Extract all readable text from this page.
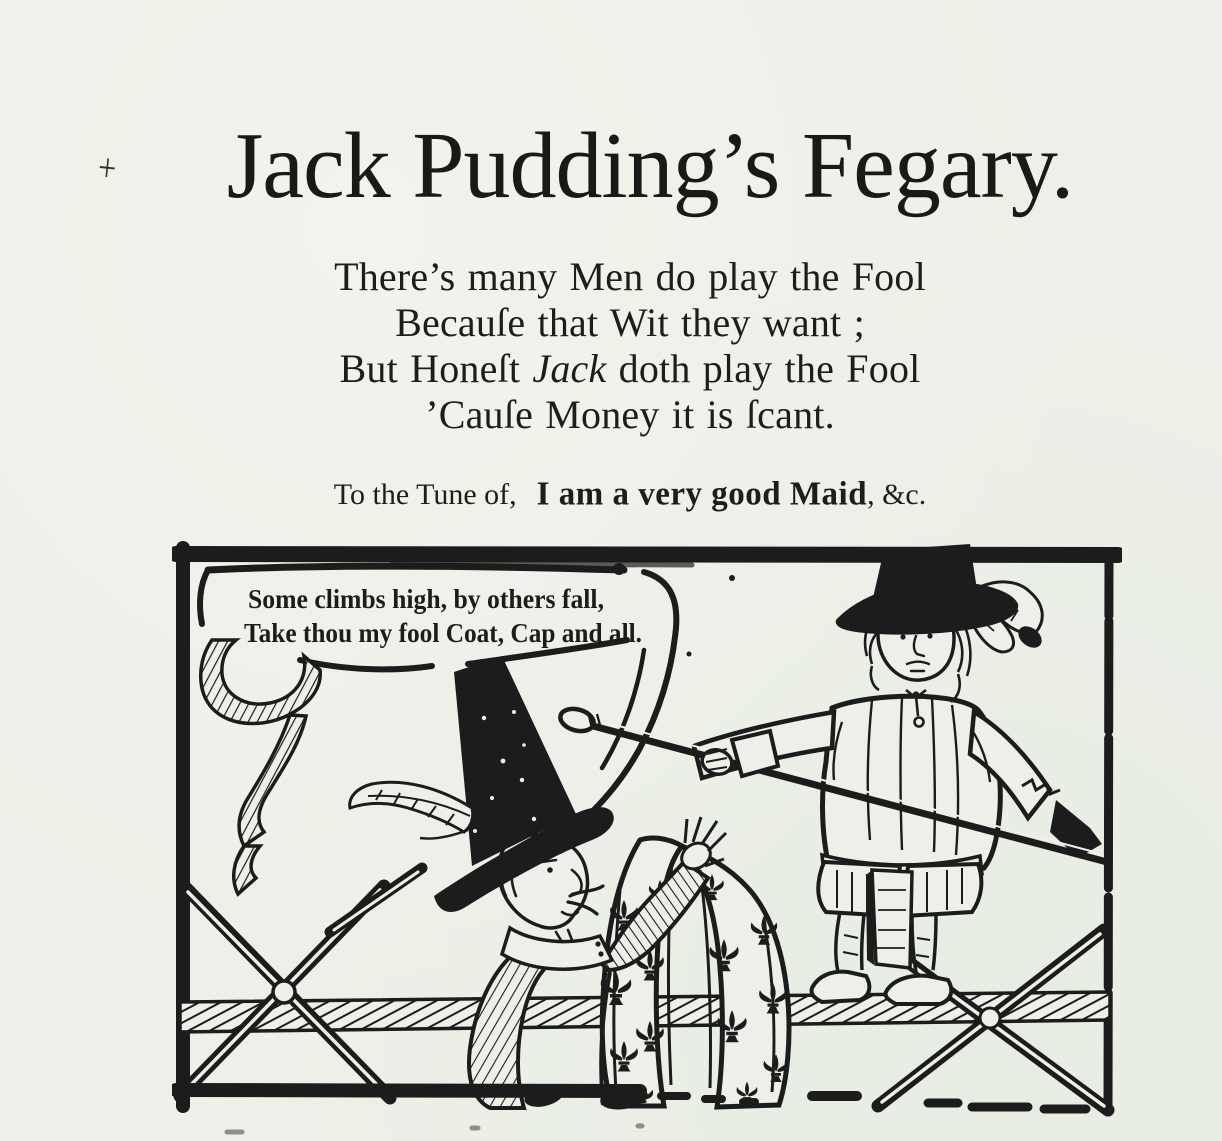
+	Jack Pudding’s Fegary.

There’s many Men do play the Fool

Becauſe that Wit they want ;

But Honeſt Jack doth play the Fool

’Cauſe Money it is ſcant.

To the Tune of, I am a very good Maid, &c.
Some climbs high, by others fall,
Take thou my fool Coat, Cap and all.
